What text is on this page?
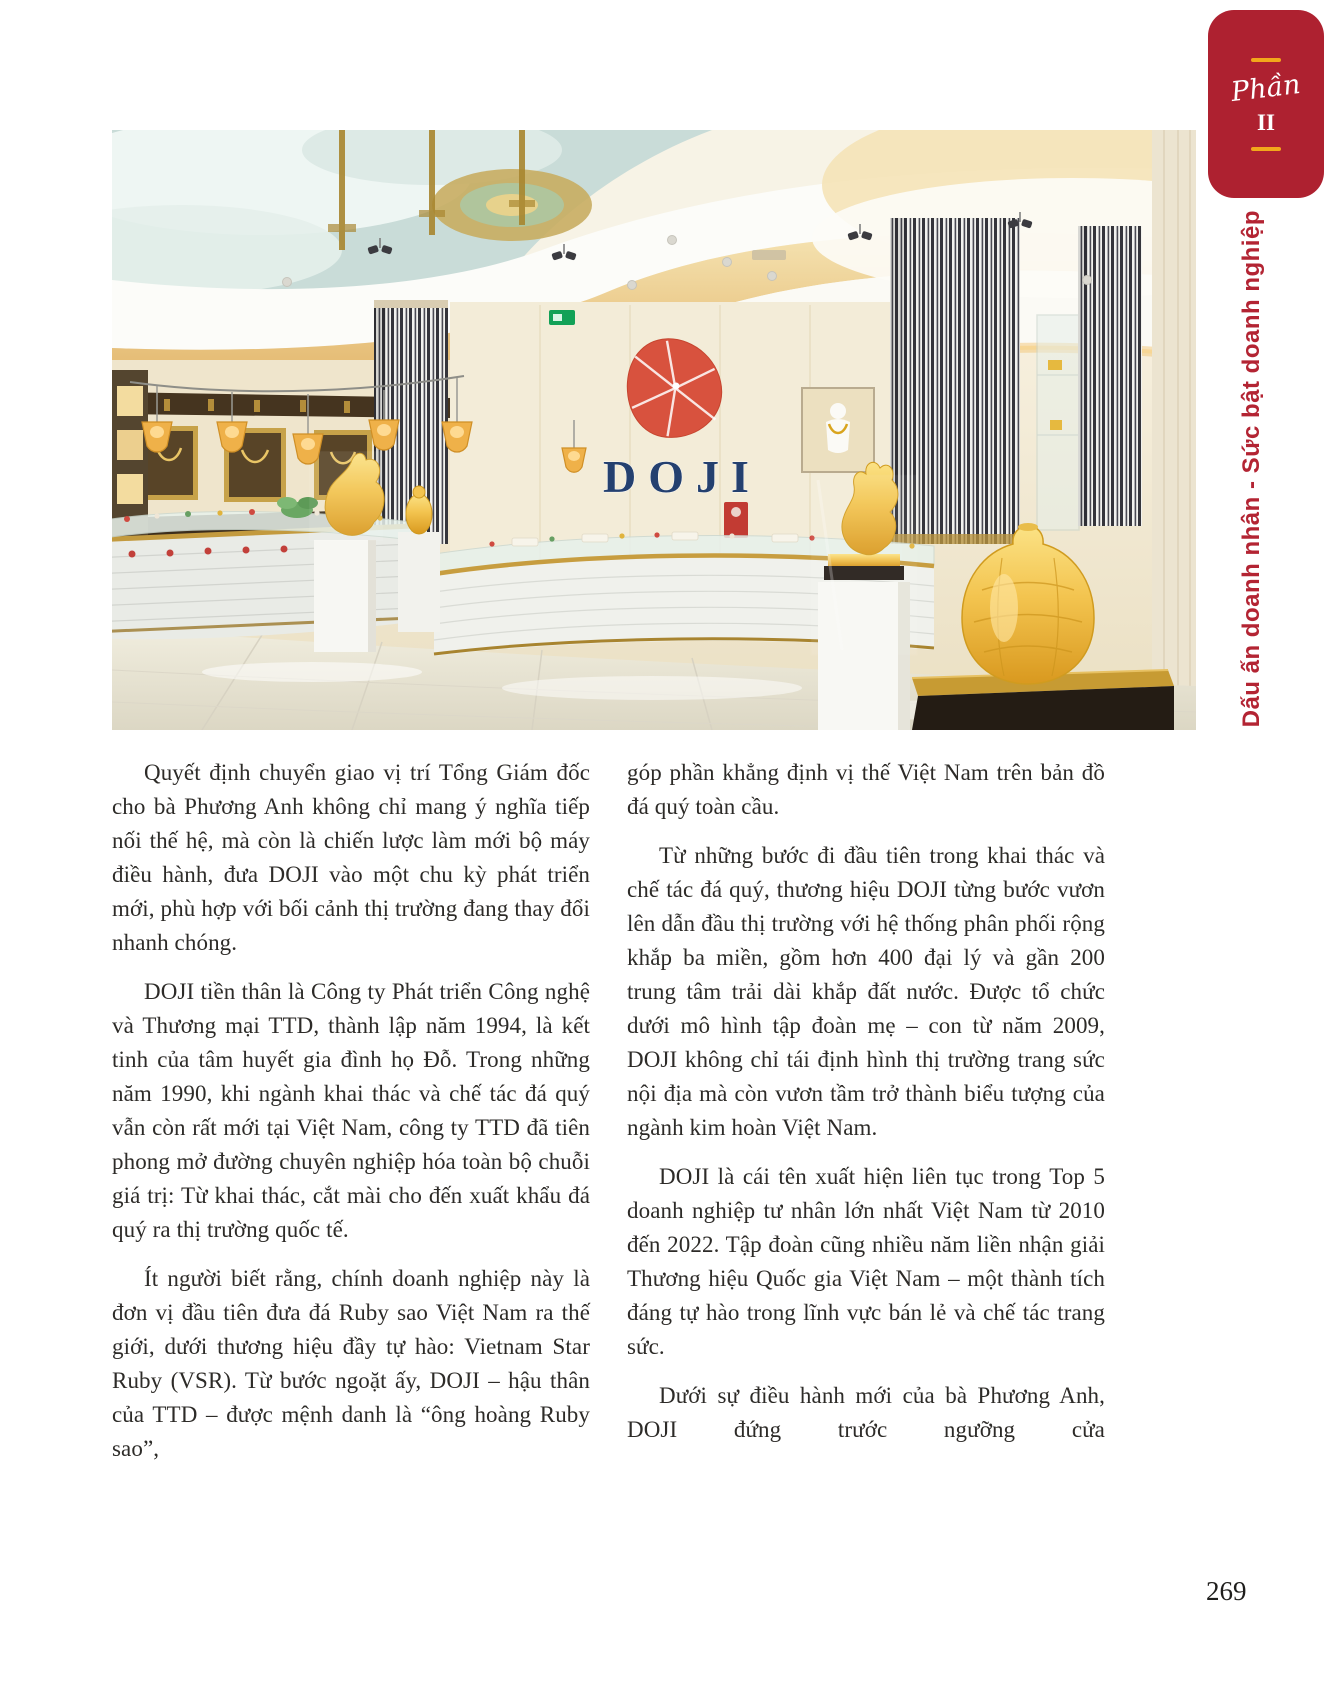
DOJI
Phần
II
Dấu ấn doanh nhân - Sức bật doanh nghiệp

Quyết định chuyển giao vị trí Tổng Giám đốc cho bà Phương Anh không chỉ mang ý nghĩa tiếp nối thế hệ, mà còn là chiến lược làm mới bộ máy điều hành, đưa DOJI vào một chu kỳ phát triển mới, phù hợp với bối cảnh thị trường đang thay đổi nhanh chóng.

DOJI tiền thân là Công ty Phát triển Công nghệ và Thương mại TTD, thành lập năm 1994, là kết tinh của tâm huyết gia đình họ Đỗ. Trong những năm 1990, khi ngành khai thác và chế tác đá quý vẫn còn rất mới tại Việt Nam, công ty TTD đã tiên phong mở đường chuyên nghiệp hóa toàn bộ chuỗi giá trị: Từ khai thác, cắt mài cho đến xuất khẩu đá quý ra thị trường quốc tế.

Ít người biết rằng, chính doanh nghiệp này là đơn vị đầu tiên đưa đá Ruby sao Việt Nam ra thế giới, dưới thương hiệu đầy tự hào: Vietnam Star Ruby (VSR). Từ bước ngoặt ấy, DOJI – hậu thân của TTD – được mệnh danh là “ông hoàng Ruby sao”,

góp phần khẳng định vị thế Việt Nam trên bản đồ đá quý toàn cầu.

Từ những bước đi đầu tiên trong khai thác và chế tác đá quý, thương hiệu DOJI từng bước vươn lên dẫn đầu thị trường với hệ thống phân phối rộng khắp ba miền, gồm hơn 400 đại lý và gần 200 trung tâm trải dài khắp đất nước. Được tổ chức dưới mô hình tập đoàn mẹ – con từ năm 2009, DOJI không chỉ tái định hình thị trường trang sức nội địa mà còn vươn tầm trở thành biểu tượng của ngành kim hoàn Việt Nam.

DOJI là cái tên xuất hiện liên tục trong Top 5 doanh nghiệp tư nhân lớn nhất Việt Nam từ 2010 đến 2022. Tập đoàn cũng nhiều năm liền nhận giải Thương hiệu Quốc gia Việt Nam – một thành tích đáng tự hào trong lĩnh vực bán lẻ và chế tác trang sức.

Dưới sự điều hành mới của bà Phương Anh, DOJI đứng trước ngưỡng cửa

269
